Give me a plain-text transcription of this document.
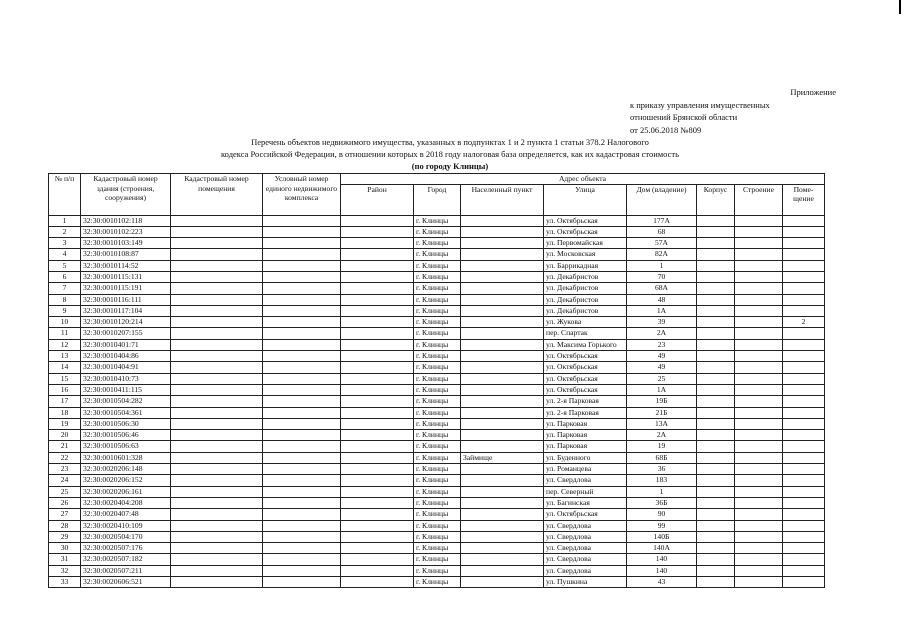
Приложение
к приказу управления имущественных
отношений Брянской области
от 25.06.2018 №809
Перечень объектов недвижимого имущества, указанных в подпунктах 1 и 2 пункта 1 статьи 378.2 Налогового
кодекса Российской Федерации, в отношении которых в 2018 году налоговая база определяется, как их кадастровая стоимость
(по городу Клинцы)
№ п/п	Кадастровый номер здания (строения, сооружения)	Кадастровый номер помещения	Условный номер единого недвижимого комплекса	Адрес объекта							
				Район	Город	Населенный пункт	Улица	Дом (владение)	Корпус	Строение	Поме-щение
1	32:30:0010102:118				г. Клинцы		ул. Октябрьская	177А			
2	32:30:0010102:223				г. Клинцы		ул. Октябрьская	68			
3	32:30:0010103:149				г. Клинцы		ул. Первомайская	57А			
4	32:30:0010108:87				г. Клинцы		ул. Московская	82А			
5	32:30:0010114:52				г. Клинцы		ул. Баррикадная	1			
6	32:30:0010115:131				г. Клинцы		ул. Декабристов	70			
7	32:30:0010115:191				г. Клинцы		ул. Декабристов	68А			
8	32:30:0010116:111				г. Клинцы		ул. Декабристов	48			
9	32:30:0010117:104				г. Клинцы		ул. Декабристов	1А			
10	32:30:0010120:214				г. Клинцы		ул. Жукова	39			2
11	32:30:0010207:155				г. Клинцы		пер. Спартак	2А			
12	32:30:0010401:71				г. Клинцы		ул. Максима Горького	23			
13	32:30:0010404:86				г. Клинцы		ул. Октябрьская	49			
14	32:30:0010404:91				г. Клинцы		ул. Октябрьская	49			
15	32:30:0010410:73				г. Клинцы		ул. Октябрьская	25			
16	32:30:0010411:115				г. Клинцы		ул. Октябрьская	1А			
17	32:30:0010504:282				г. Клинцы		ул. 2-я Парковая	19Б			
18	32:30:0010504:361				г. Клинцы		ул. 2-я Парковая	21Б			
19	32:30:0010506:30				г. Клинцы		ул. Парковая	13А			
20	32:30:0010506:46				г. Клинцы		ул. Парковая	2А			
21	32:30:0010506:63				г. Клинцы		ул. Парковая	19			
22	32:30:0010601:328				г. Клинцы	Займище	ул. Буденного	68Б			
23	32:30:0020206:148				г. Клинцы		ул. Романцева	36			
24	32:30:0020206:152				г. Клинцы		ул. Свердлова	183			
25	32:30:0020206:161				г. Клинцы		пер. Северный	1			
26	32:30:0020404:208				г. Клинцы		ул. Багинская	36Б			
27	32:30:0020407:48				г. Клинцы		ул. Октябрьская	90			
28	32:30:0020410:109				г. Клинцы		ул. Свердлова	99			
29	32:30:0020504:170				г. Клинцы		ул. Свердлова	140Б			
30	32:30:0020507:176				г. Клинцы		ул. Свердлова	140А			
31	32:30:0020507:182				г. Клинцы		ул. Свердлова	140			
32	32:30:0020507:211				г. Клинцы		ул. Свердлова	140			
33	32:30:0020606:521				г. Клинцы		ул. Пушкина	43			
